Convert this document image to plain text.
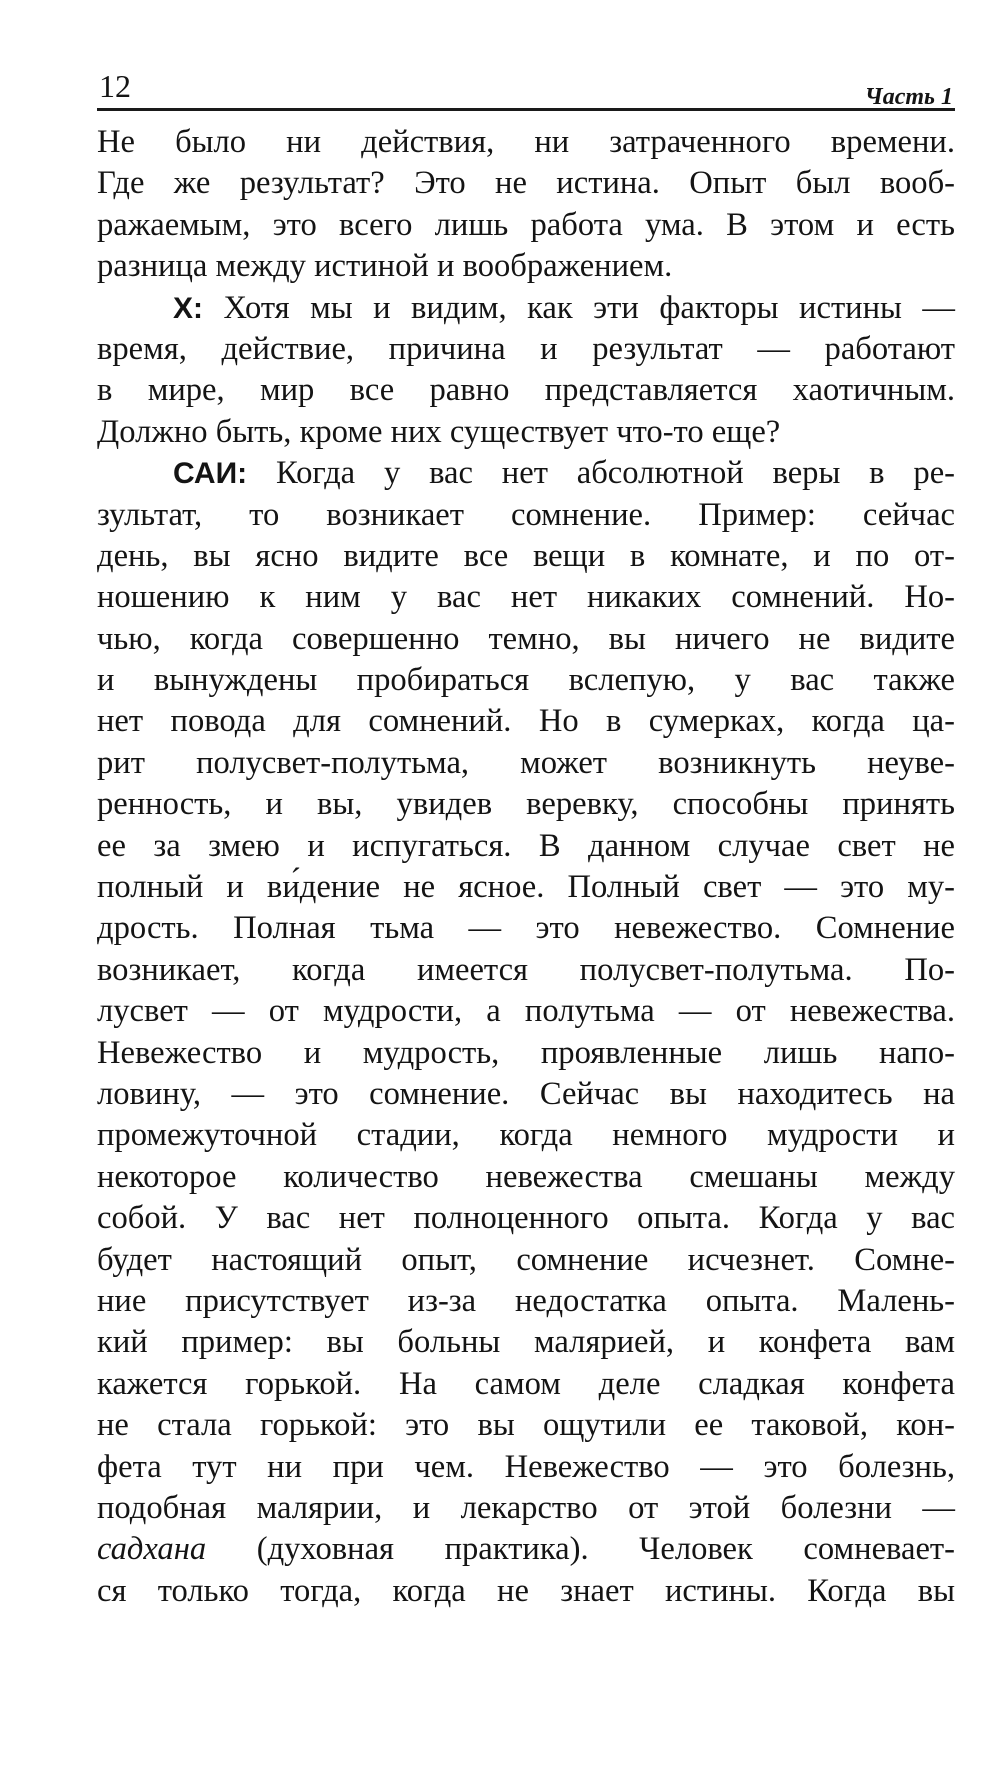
12	Часть 1
Не было ни действия, ни затраченного времени.
Где же результат? Это не истина. Опыт был вооб-
ражаемым, это всего лишь работа ума. В этом и есть
разница между истиной и воображением.
X: Хотя мы и видим, как эти факторы истины —
время, действие, причина и результат — работают
в мире, мир все равно представляется хаотичным.
Должно быть, кроме них существует что-то еще?
САИ: Когда у вас нет абсолютной веры в ре-
зультат, то возникает сомнение. Пример: сейчас
день, вы ясно видите все вещи в комнате, и по от-
ношению к ним у вас нет никаких сомнений. Но-
чью, когда совершенно темно, вы ничего не видите
и вынуждены пробираться вслепую, у вас также
нет повода для сомнений. Но в сумерках, когда ца-
рит полусвет-полутьма, может возникнуть неуве-
ренность, и вы, увидев веревку, способны принять
ее за змею и испугаться. В данном случае свет не
полный и ви́дение не ясное. Полный свет — это му-
дрость. Полная тьма — это невежество. Сомнение
возникает, когда имеется полусвет-полутьма. По-
лусвет — от мудрости, а полутьма — от невежества.
Невежество и мудрость, проявленные лишь напо-
ловину, — это сомнение. Сейчас вы находитесь на
промежуточной стадии, когда немного мудрости и
некоторое количество невежества смешаны между
собой. У вас нет полноценного опыта. Когда у вас
будет настоящий опыт, сомнение исчезнет. Сомне-
ние присутствует из-за недостатка опыта. Малень-
кий пример: вы больны малярией, и конфета вам
кажется горькой. На самом деле сладкая конфета
не стала горькой: это вы ощутили ее таковой, кон-
фета тут ни при чем. Невежество — это болезнь,
подобная малярии, и лекарство от этой болезни —
садхана (духовная практика). Человек сомневает-
ся только тогда, когда не знает истины. Когда вы
